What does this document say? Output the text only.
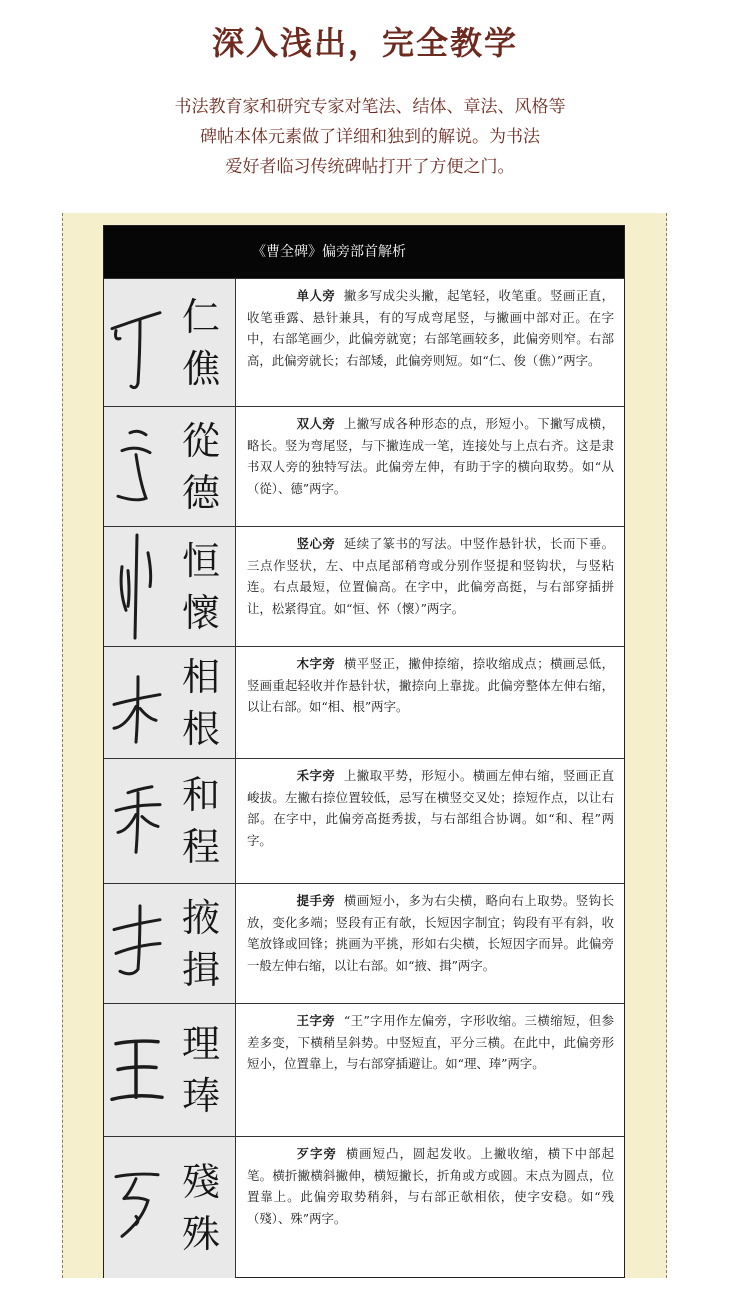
深入浅出，完全教学
书法教育家和研究专家对笔法、结体、章法、风格等
碑帖本体元素做了详细和独到的解说。为书法
爱好者临习传统碑帖打开了方便之门。
《曹全碑》偏旁部首解析
仁
僬
单人旁 撇多写成尖头撇，起笔轻，收笔重。竖画正直，收笔垂露、悬针兼具，有的写成弯尾竖，与撇画中部对正。在字中，右部笔画少，此偏旁就宽；右部笔画较多，此偏旁则窄。右部高，此偏旁就长；右部矮，此偏旁则短。如“仁、俊（僬）”两字。
從
德
双人旁 上撇写成各种形态的点，形短小。下撇写成横，略长。竖为弯尾竖，与下撇连成一笔，连接处与上点右齐。这是隶书双人旁的独特写法。此偏旁左伸，有助于字的横向取势。如“从（從）、德”两字。
恒
懷
竖心旁 延续了篆书的写法。中竖作悬针状，长而下垂。三点作竖状，左、中点尾部稍弯或分别作竖提和竖钩状，与竖粘连。右点最短，位置偏高。在字中，此偏旁高挺，与右部穿插拼让，松紧得宜。如“恒、怀（懷）”两字。
相
根
木字旁 横平竖正，撇伸捺缩，捺收缩成点；横画忌低，竖画重起轻收并作悬针状，撇捺向上靠拢。此偏旁整体左伸右缩，以让右部。如“相、根”两字。
和
程
禾字旁 上撇取平势，形短小。横画左伸右缩，竖画正直峻拔。左撇右捺位置较低，忌写在横竖交叉处；捺短作点，以让右部。在字中，此偏旁高挺秀拔，与右部组合协调。如“和、程”两字。
掖
揖
提手旁 横画短小，多为右尖横，略向右上取势。竖钩长放，变化多端；竖段有正有欹，长短因字制宜；钩段有平有斜，收笔放锋或回锋；挑画为平挑，形如右尖横，长短因字而异。此偏旁一般左伸右缩，以让右部。如“掖、揖”两字。
理
琫
王字旁 “王”字用作左偏旁，字形收缩。三横缩短，但参差多变，下横稍呈斜势。中竖短直，平分三横。在此中，此偏旁形短小，位置靠上，与右部穿插避让。如“理、琫”两字。
殘
殊
歹字旁 横画短凸，圆起发收。上撇收缩，横下中部起笔。横折撇横斜撇伸，横短撇长，折角或方或圆。末点为圆点，位置靠上。此偏旁取势稍斜，与右部正欹相依，使字安稳。如“残（殘）、殊”两字。
